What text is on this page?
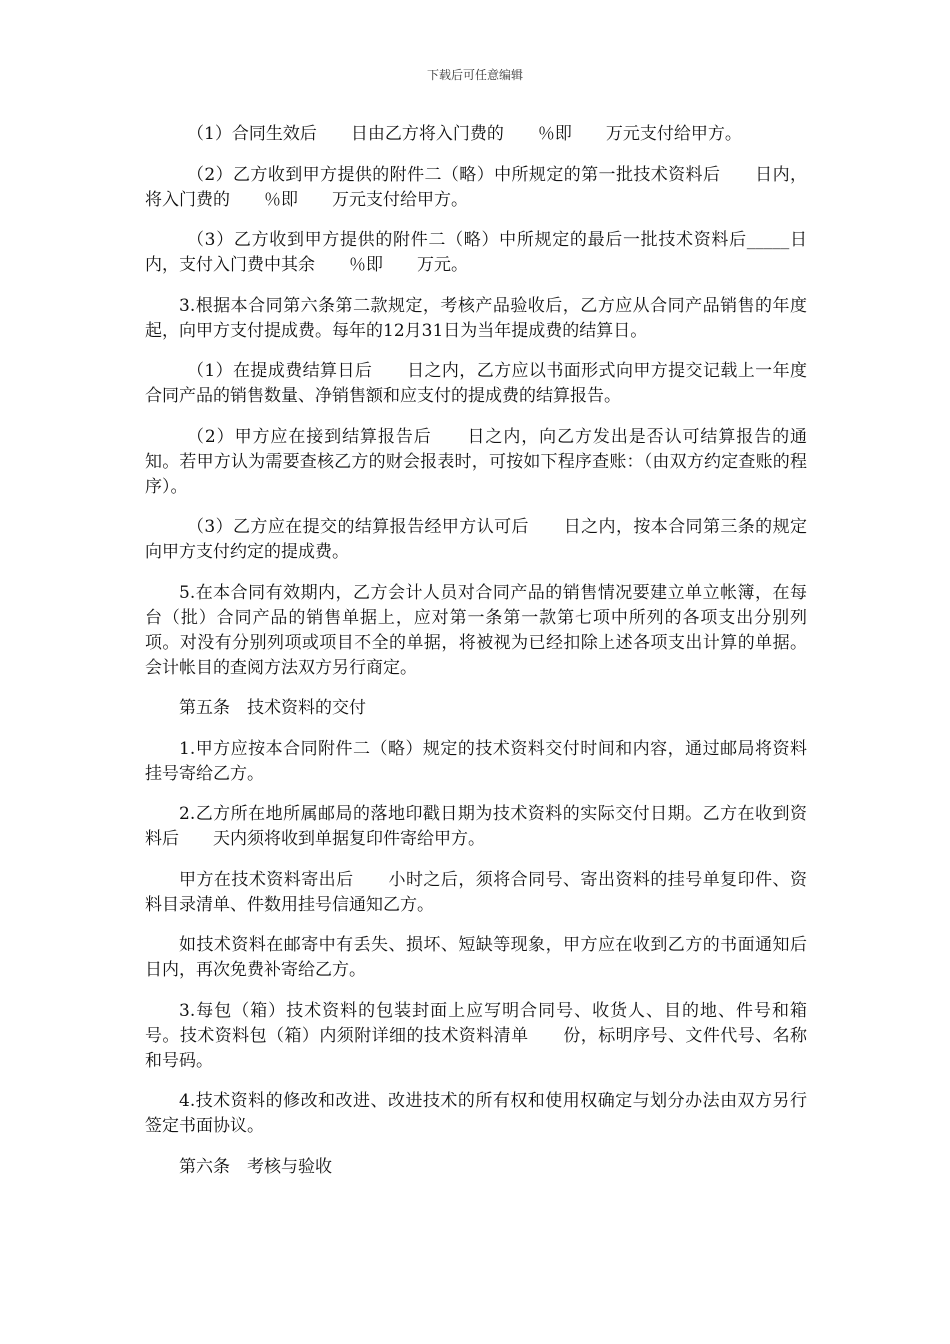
下载后可任意编辑

（1）合同生效后　　日由乙方将入门费的　　％即　　万元支付给甲方。

（2）乙方收到甲方提供的附件二（略）中所规定的第一批技术资料后　　日内，将入门费的　　％即　　万元支付给甲方。

（3）乙方收到甲方提供的附件二（略）中所规定的最后一批技术资料后_____日内，支付入门费中其余　　％即　　万元。

3.根据本合同第六条第二款规定，考核产品验收后，乙方应从合同产品销售的年度起，向甲方支付提成费。每年的12月31日为当年提成费的结算日。

（1）在提成费结算日后　　日之内，乙方应以书面形式向甲方提交记载上一年度合同产品的销售数量、净销售额和应支付的提成费的结算报告。

（2）甲方应在接到结算报告后　　日之内，向乙方发出是否认可结算报告的通知。若甲方认为需要查核乙方的财会报表时，可按如下程序查账：（由双方约定查账的程序）。

（3）乙方应在提交的结算报告经甲方认可后　　日之内，按本合同第三条的规定向甲方支付约定的提成费。

5.在本合同有效期内，乙方会计人员对合同产品的销售情况要建立单立帐簿，在每台（批）合同产品的销售单据上，应对第一条第一款第七项中所列的各项支出分别列项。对没有分别列项或项目不全的单据，将被视为已经扣除上述各项支出计算的单据。会计帐目的查阅方法双方另行商定。

第五条　技术资料的交付

1.甲方应按本合同附件二（略）规定的技术资料交付时间和内容，通过邮局将资料挂号寄给乙方。

2.乙方所在地所属邮局的落地印戳日期为技术资料的实际交付日期。乙方在收到资料后　　天内须将收到单据复印件寄给甲方。

甲方在技术资料寄出后　　小时之后，须将合同号、寄出资料的挂号单复印件、资料目录清单、件数用挂号信通知乙方。

如技术资料在邮寄中有丢失、损坏、短缺等现象，甲方应在收到乙方的书面通知后　　日内，再次免费补寄给乙方。

3.每包（箱）技术资料的包装封面上应写明合同号、收货人、目的地、件号和箱号。技术资料包（箱）内须附详细的技术资料清单　　份，标明序号、文件代号、名称和号码。

4.技术资料的修改和改进、改进技术的所有权和使用权确定与划分办法由双方另行签定书面协议。

第六条　考核与验收
